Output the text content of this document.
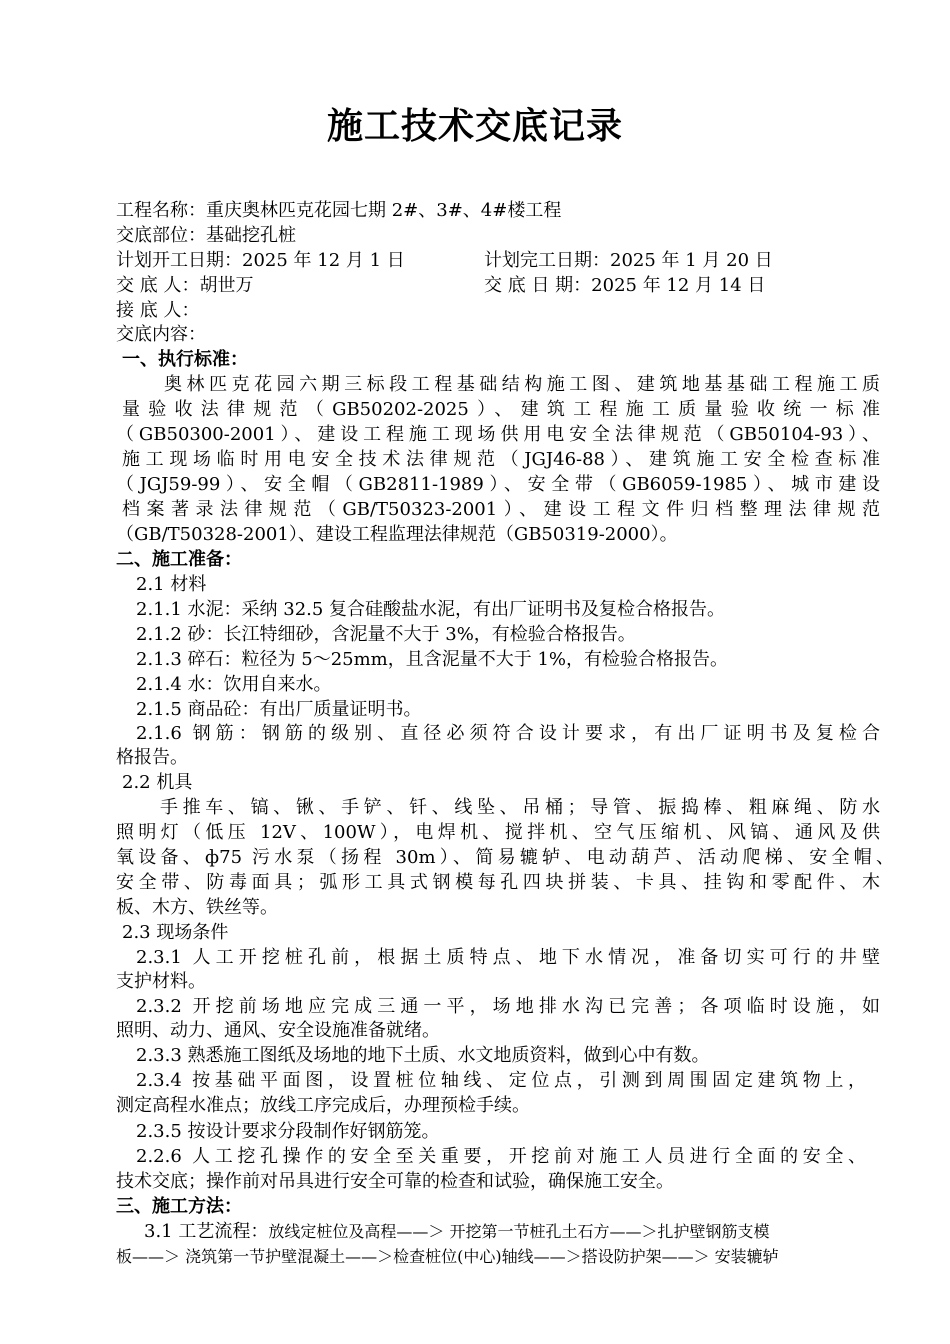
施工技术交底记录
工程名称：重庆奥林匹克花园七期 2#、3#、4#楼工程
交底部位：基础挖孔桩
计划开工日期：2025 年 12 月 1 日	计划完工日期：2025 年 1 月 20 日
交 底 人：胡世万	交 底 日 期：2025 年 12 月 14 日
接 底 人：
交底内容：
一、执行标准：
奥林匹克花园六期三标段工程基础结构施工图、建筑地基基础工程施工质
量验收法律规范（GB50202-2025）、建筑工程施工质量验收统一标准
（GB50300-2001）、建设工程施工现场供用电安全法律规范（GB50104-93）、
施工现场临时用电安全技术法律规范（JGJ46-88）、建筑施工安全检查标准
（JGJ59-99）、安全帽（GB2811-1989）、安全带（GB6059-1985）、城市建设
档案著录法律规范（GB/T50323-2001）、建设工程文件归档整理法律规范
（GB/T50328-2001）、建设工程监理法律规范（GB50319-2000）。
二、施工准备：
2.1 材料
2.1.1 水泥：采纳 32.5 复合硅酸盐水泥，有出厂证明书及复检合格报告。
2.1.2 砂：长江特细砂，含泥量不大于 3%，有检验合格报告。
2.1.3 碎石：粒径为 5～25mm，且含泥量不大于 1%，有检验合格报告。
2.1.4 水：饮用自来水。
2.1.5 商品砼：有出厂质量证明书。
2.1.6 钢筋：钢筋的级别、直径必须符合设计要求，有出厂证明书及复检合
格报告。
2.2 机具
手推车、镐、锹、手铲、钎、线坠、吊桶；导管、振捣棒、粗麻绳、防水
照明灯（低压 12V、100W），电焊机、搅拌机、空气压缩机、风镐、通风及供
氧设备、ф75 污水泵（扬程 30m）、简易辘轳、电动葫芦、活动爬梯、安全帽、
安全带、防毒面具；弧形工具式钢模每孔四块拼装、卡具、挂钩和零配件、木
板、木方、铁丝等。
2.3 现场条件
2.3.1 人工开挖桩孔前，根据土质特点、地下水情况，准备切实可行的井壁
支护材料。
2.3.2 开挖前场地应完成三通一平，场地排水沟已完善；各项临时设施，如
照明、动力、通风、安全设施准备就绪。
2.3.3 熟悉施工图纸及场地的地下土质、水文地质资料，做到心中有数。
2.3.4 按基础平面图，设置桩位轴线、定位点，引测到周围固定建筑物上，
测定高程水准点；放线工序完成后，办理预检手续。
2.3.5 按设计要求分段制作好钢筋笼。
2.2.6 人工挖孔操作的安全至关重要，开挖前对施工人员进行全面的安全、
技术交底；操作前对吊具进行安全可靠的检查和试验，确保施工安全。
三、施工方法：
3.1 工艺流程：放线定桩位及高程——＞ 开挖第一节桩孔土石方——＞扎护壁钢筋支模
板——＞ 浇筑第一节护壁混凝土——＞检查桩位(中心)轴线——＞搭设防护架——＞ 安装辘轳
